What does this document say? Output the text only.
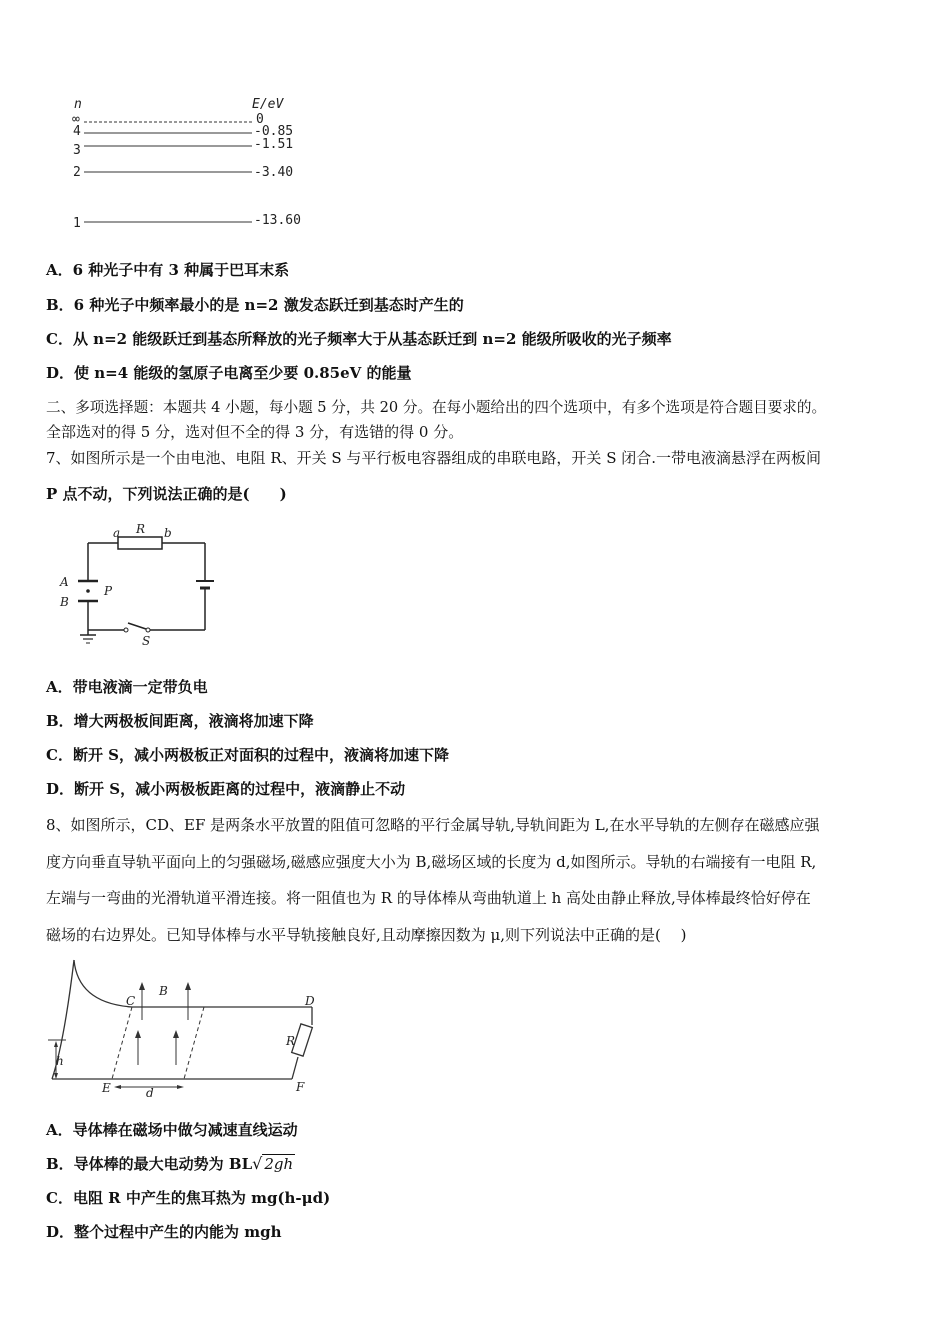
n	E/eV
∞	0
4	-0.85
3	-1.51
2	-3.40
1	-13.60
A．6 种光子中有 3 种属于巴耳末系
B．6 种光子中频率最小的是 n=2 激发态跃迁到基态时产生的
C．从 n=2 能级跃迁到基态所释放的光子频率大于从基态跃迁到 n=2 能级所吸收的光子频率
D．使 n=4 能级的氢原子电离至少要 0.85eV 的能量
二、多项选择题：本题共 4 小题，每小题 5 分，共 20 分。在每小题给出的四个选项中，有多个选项是符合题目要求的。
全部选对的得 5 分，选对但不全的得 3 分，有选错的得 0 分。
7、如图所示是一个由电池、电阻 R、开关 S 与平行板电容器组成的串联电路，开关 S 闭合.一带电液滴悬浮在两板间
P 点不动，下列说法正确的是(　　)
a R b
A
B
P
S
A．带电液滴一定带负电
B．增大两极板间距离，液滴将加速下降
C．断开 S，减小两极板正对面积的过程中，液滴将加速下降
D．断开 S，减小两极板距离的过程中，液滴静止不动
8、如图所示，CD、EF 是两条水平放置的阻值可忽略的平行金属导轨,导轨间距为 L,在水平导轨的左侧存在磁感应强
度方向垂直导轨平面向上的匀强磁场,磁感应强度大小为 B,磁场区域的长度为 d,如图所示。导轨的右端接有一电阻 R,
左端与一弯曲的光滑轨道平滑连接。将一阻值也为 R 的导体棒从弯曲轨道上 h 高处由静止释放,导体棒最终恰好停在
磁场的右边界处。已知导体棒与水平导轨接触良好,且动摩擦因数为 μ,则下列说法中正确的是(　 )
C
B
D
R
h
E	d	F
A．导体棒在磁场中做匀减速直线运动
B．导体棒的最大电动势为 BL√ 2gh
C．电阻 R 中产生的焦耳热为 mg(h-μd)
D．整个过程中产生的内能为 mgh
